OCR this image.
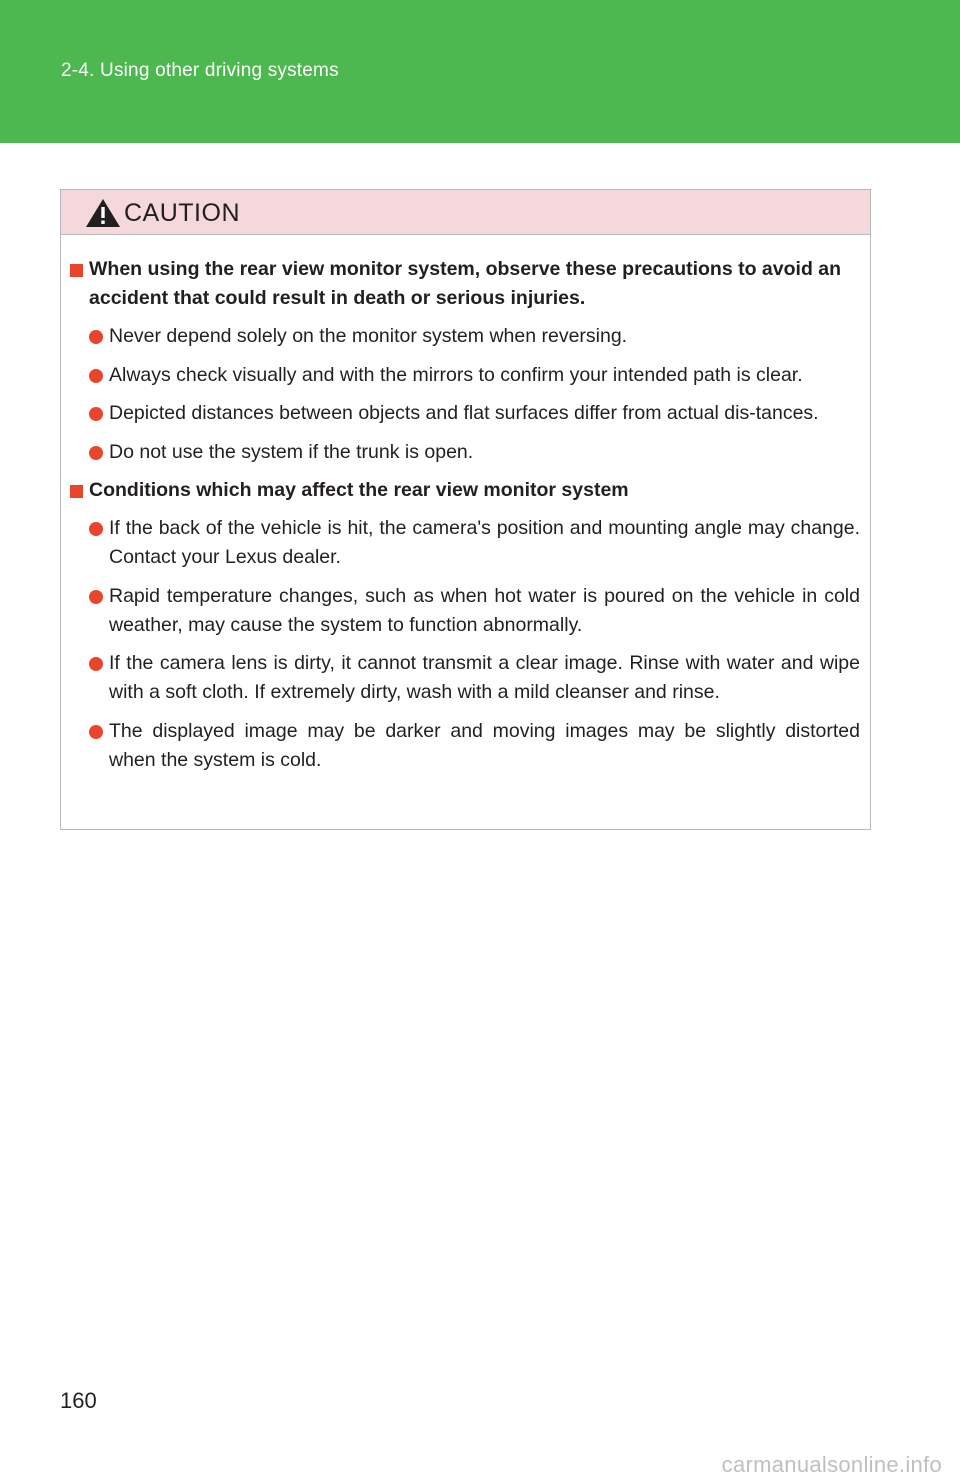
2-4. Using other driving systems
CAUTION
When using the rear view monitor system, observe these precautions to avoid an accident that could result in death or serious injuries.
Never depend solely on the monitor system when reversing.
Always check visually and with the mirrors to confirm your intended path is clear.
Depicted distances between objects and flat surfaces differ from actual dis-tances.
Do not use the system if the trunk is open.
Conditions which may affect the rear view monitor system
If the back of the vehicle is hit, the camera's position and mounting angle may change. Contact your Lexus dealer.
Rapid temperature changes, such as when hot water is poured on the vehicle in cold weather, may cause the system to function abnormally.
If the camera lens is dirty, it cannot transmit a clear image. Rinse with water and wipe with a soft cloth. If extremely dirty, wash with a mild cleanser and rinse.
The displayed image may be darker and moving images may be slightly distorted when the system is cold.
160
carmanualsonline.info
